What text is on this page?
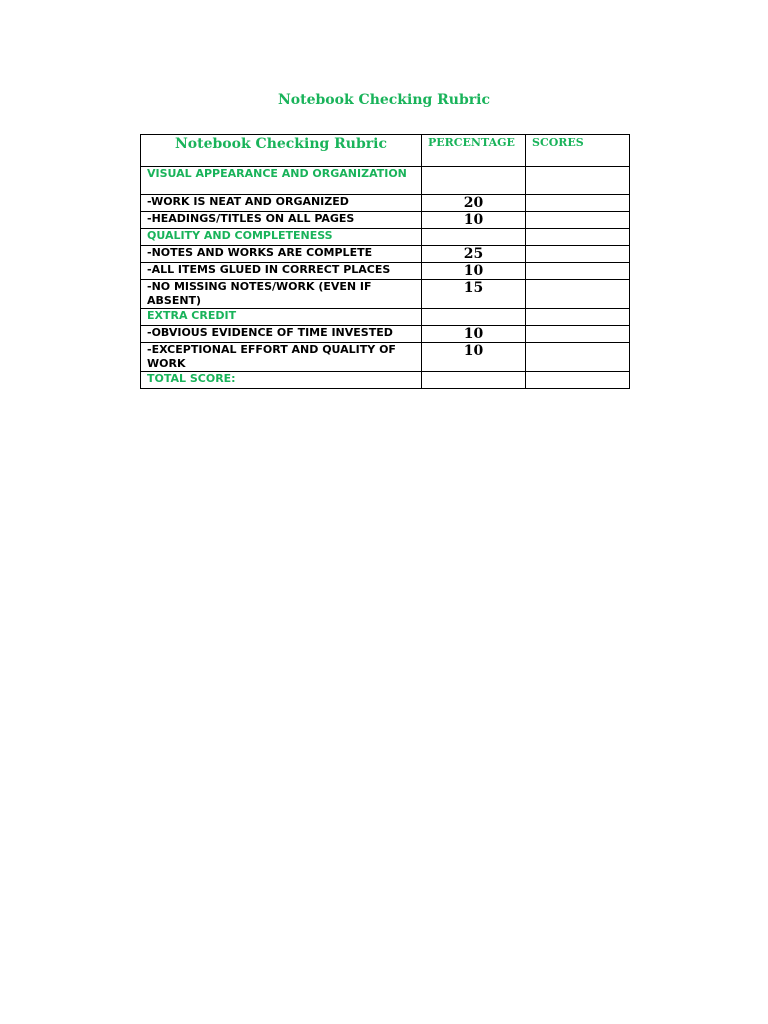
Notebook Checking Rubric
Notebook Checking Rubric	PERCENTAGE	SCORES
VISUAL APPEARANCE AND ORGANIZATION		
-WORK IS NEAT AND ORGANIZED	20	
-HEADINGS/TITLES ON ALL PAGES	10	
QUALITY AND COMPLETENESS		
-NOTES AND WORKS ARE COMPLETE	25	
-ALL ITEMS GLUED IN CORRECT PLACES	10	
-NO MISSING NOTES/WORK (EVEN IF ABSENT)	15	
EXTRA CREDIT		
-OBVIOUS EVIDENCE OF TIME INVESTED	10	
-EXCEPTIONAL EFFORT AND QUALITY OF WORK	10	
TOTAL SCORE:		
